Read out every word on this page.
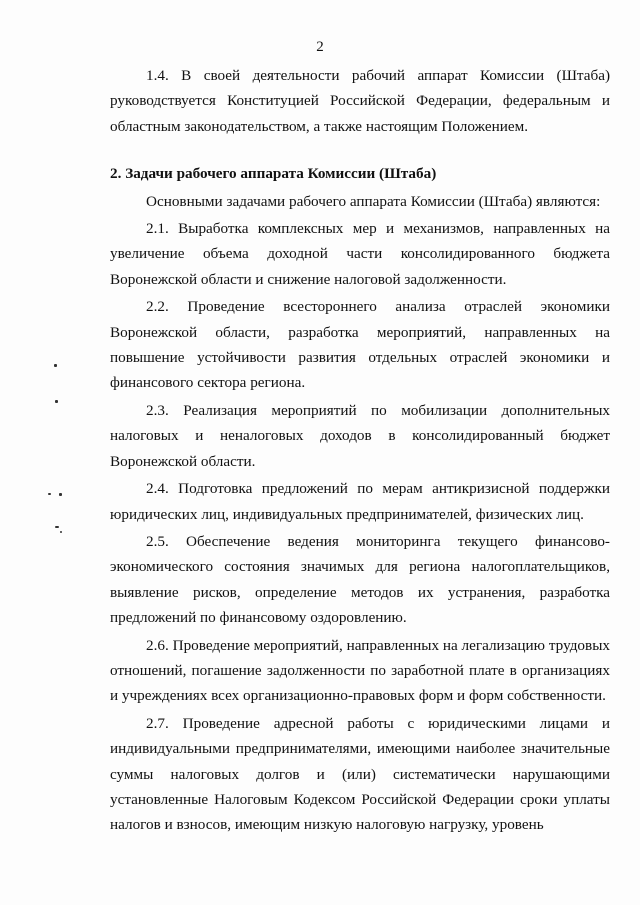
2

1.4. В своей деятельности рабочий аппарат Комиссии (Штаба) руководствуется Конституцией Российской Федерации, федеральным и областным законодательством, а также настоящим Положением.

2. Задачи рабочего аппарата Комиссии (Штаба)

Основными задачами рабочего аппарата Комиссии (Штаба) являются:

2.1. Выработка комплексных мер и механизмов, направленных на увеличение объема доходной части консолидированного бюджета Воронежской области и снижение налоговой задолженности.

2.2. Проведение всестороннего анализа отраслей экономики Воронежской области, разработка мероприятий, направленных на повышение устойчивости развития отдельных отраслей экономики и финансового сектора региона.

2.3. Реализация мероприятий по мобилизации дополнительных налоговых и неналоговых доходов в консолидированный бюджет Воронежской области.

2.4. Подготовка предложений по мерам антикризисной поддержки юридических лиц, индивидуальных предпринимателей, физических лиц.

2.5. Обеспечение ведения мониторинга текущего финансово-экономического состояния значимых для региона налогоплательщиков, выявление рисков, определение методов их устранения, разработка предложений по финансовому оздоровлению.

2.6. Проведение мероприятий, направленных на легализацию трудовых отношений, погашение задолженности по заработной плате в организациях и учреждениях всех организационно-правовых форм и форм собственности.

2.7. Проведение адресной работы с юридическими лицами и индивидуальными предпринимателями, имеющими наиболее значительные суммы налоговых долгов и (или) систематически нарушающими установленные Налоговым Кодексом Российской Федерации сроки уплаты налогов и взносов, имеющим низкую налоговую нагрузку, уровень
